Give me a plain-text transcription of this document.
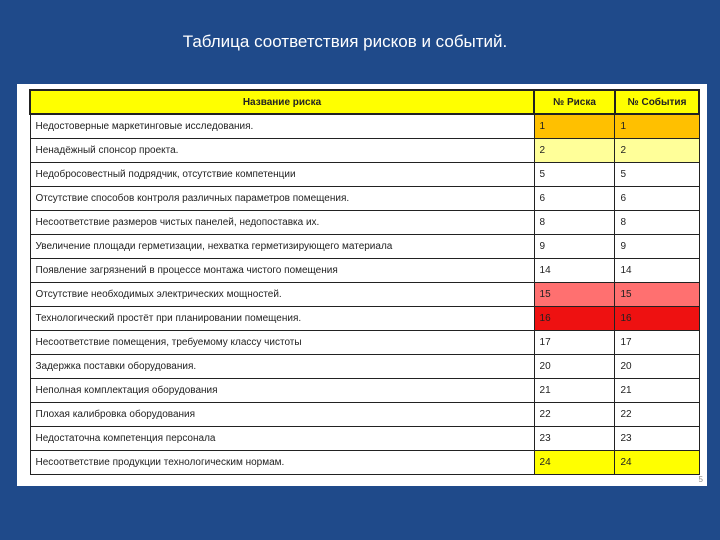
Таблица соответствия рисков и событий.
Название риска	№ Риска	№ События
Недостоверные маркетинговые исследования.	1	1
Ненадёжный спонсор проекта.	2	2
Недобросовестный подрядчик, отсутствие компетенции	5	5
Отсутствие способов контроля различных параметров помещения.	6	6
Несоответствие размеров чистых панелей, недопоставка их.	8	8
Увеличение площади герметизации, нехватка герметизирующего материала	9	9
Появление загрязнений в процессе монтажа чистого помещения	14	14
Отсутствие необходимых электрических мощностей.	15	15
Технологический простёт при планировании помещения.	16	16
Несоответствие помещения, требуемому классу чистоты	17	17
Задержка поставки оборудования.	20	20
Неполная комплектация оборудования	21	21
Плохая калибровка оборудования	22	22
Недостаточна компетенция персонала	23	23
Несоответствие продукции технологическим нормам.	24	24
5
